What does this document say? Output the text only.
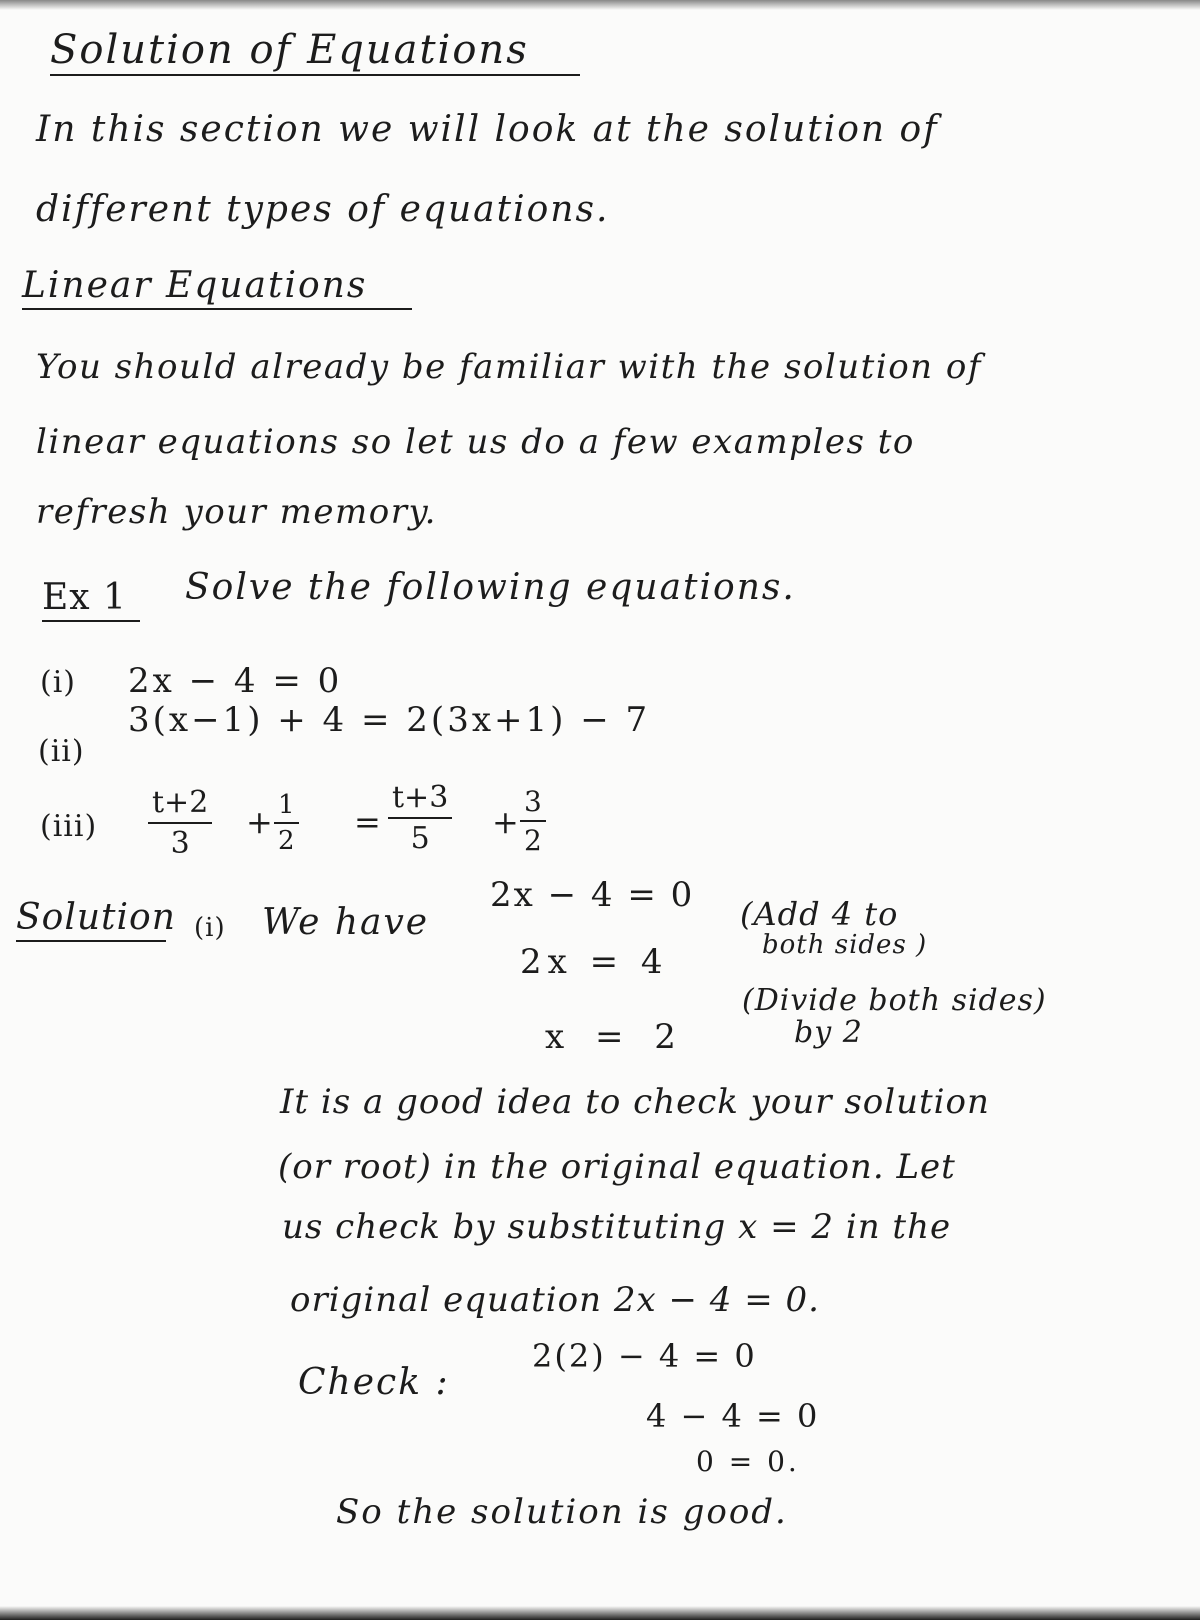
Solution of Equations
In this section we will look at the solution of
different types of equations.
Linear Equations
You should already be familiar with the solution of
linear equations so let us do a few examples to
refresh your memory.
Ex 1	Solve the following equations.
(i) 2x − 4 = 0
(ii)
3(x−1) + 4 = 2(3x+1) − 7
$(iii) \frac{t+2}{3} + \frac{1}{2} = \frac{t+3}{5} + \frac{3}{2}$
Solution (i) We have
2x − 4 = 0
2x = 4
(Add 4 to
both sides )
x = 2
(Divide both sides)
by 2
It is a good idea to check your solution
(or root) in the original equation. Let
us check by substituting x = 2 in the
original equation 2x − 4 = 0.
Check :
2(2) − 4 = 0
4 − 4 = 0
0 = 0.
So the solution is good.
